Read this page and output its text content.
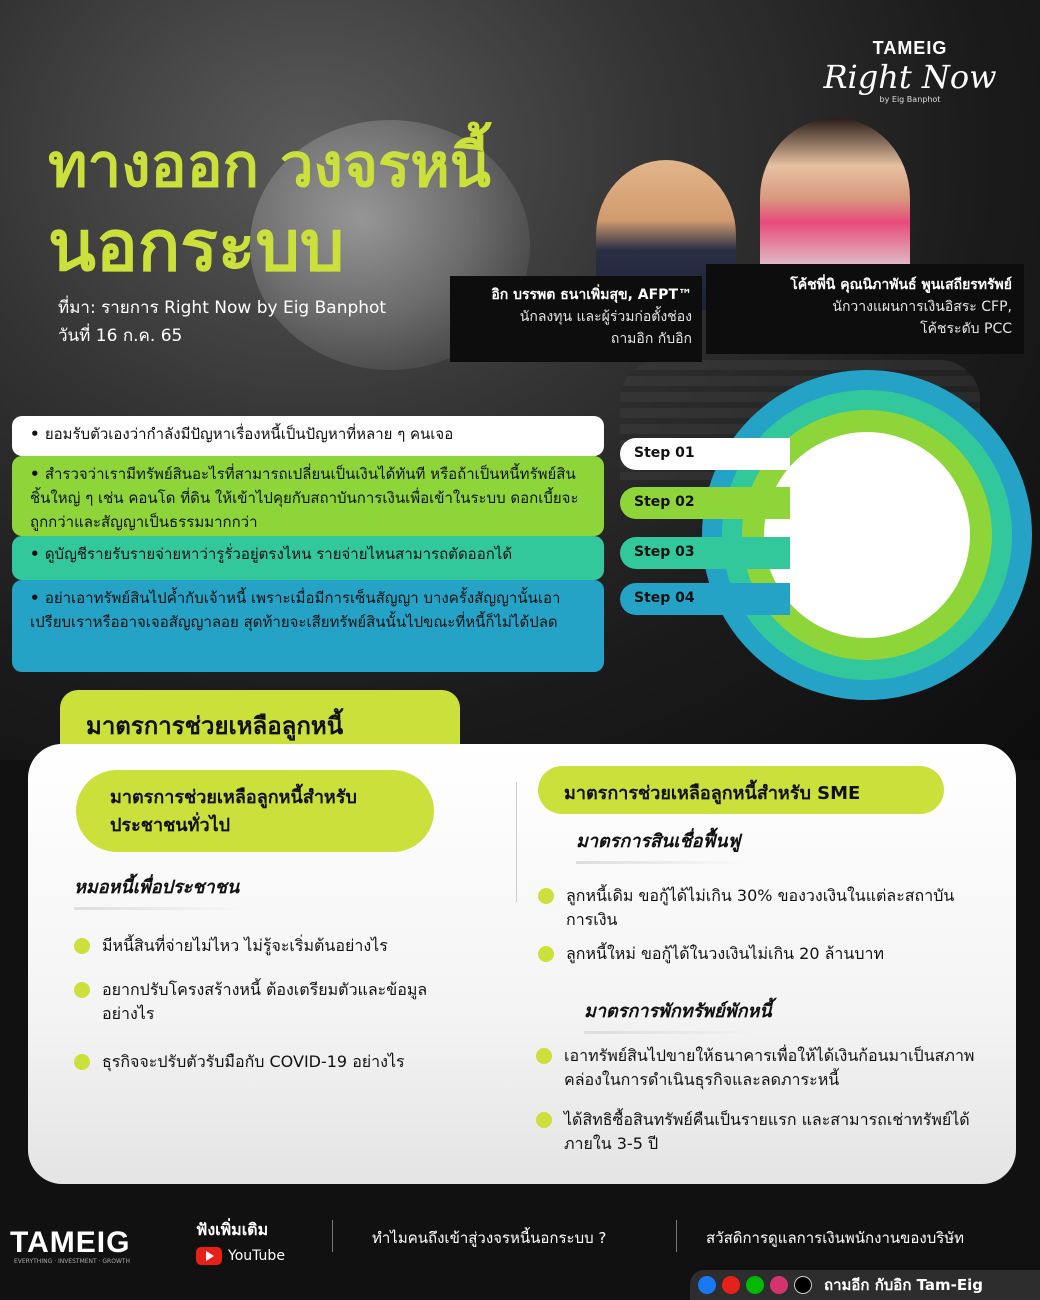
TAMEIG
Right Now
by Eig Banphot
ทางออก วงจรหนี้
นอกระบบ
ที่มา: รายการ Right Now by Eig Banphot
วันที่ 16 ก.ค. 65
อิก บรรพต ธนาเพิ่มสุข, AFPT™
นักลงทุน และผู้ร่วมก่อตั้งช่อง
ถามอิก กับอิก
โค้ชพี่นิ คุณนิภาพันธ์ พูนเสถียรทรัพย์
นักวางแผนการเงินอิสระ CFP,
โค้ชระดับ PCC
• ยอมรับตัวเองว่ากำลังมีปัญหาเรื่องหนี้เป็นปัญหาที่หลาย ๆ คนเจอ
• สำรวจว่าเรามีทรัพย์สินอะไรที่สามารถเปลี่ยนเป็นเงินได้ทันที หรือถ้าเป็นหนี้ทรัพย์สินชิ้นใหญ่ ๆ เช่น คอนโด ที่ดิน ให้เข้าไปคุยกับสถาบันการเงินเพื่อเข้าในระบบ ดอกเบี้ยจะถูกกว่าและสัญญาเป็นธรรมมากกว่า
• ดูบัญชีรายรับรายจ่ายหาว่ารูรั่วอยู่ตรงไหน รายจ่ายไหนสามารถตัดออกได้
• อย่าเอาทรัพย์สินไปค้ำกับเจ้าหนี้ เพราะเมื่อมีการเซ็นสัญญา บางครั้งสัญญานั้นเอาเปรียบเราหรืออาจเจอสัญญาลอย สุดท้ายจะเสียทรัพย์สินนั้นไปขณะที่หนี้ก็ไม่ได้ปลด
Step 01
Step 02
Step 03
Step 04
มาตรการช่วยเหลือลูกหนี้
มาตรการช่วยเหลือลูกหนี้สำหรับ
ประชาชนทั่วไป
หมอหนี้เพื่อประชาชน
มีหนี้สินที่จ่ายไม่ไหว ไม่รู้จะเริ่มต้นอย่างไร
อยากปรับโครงสร้างหนี้ ต้องเตรียมตัวและข้อมูลอย่างไร
ธุรกิจจะปรับตัวรับมือกับ COVID-19 อย่างไร
มาตรการช่วยเหลือลูกหนี้สำหรับ SME
มาตรการสินเชื่อฟื้นฟู
ลูกหนี้เดิม ขอกู้ได้ไม่เกิน 30% ของวงเงินในแต่ละสถาบันการเงิน
ลูกหนี้ใหม่ ขอกู้ได้ในวงเงินไม่เกิน 20 ล้านบาท
มาตรการพักทรัพย์พักหนี้
เอาทรัพย์สินไปขายให้ธนาคารเพื่อให้ได้เงินก้อนมาเป็นสภาพคล่องในการดำเนินธุรกิจและลดภาระหนี้
ได้สิทธิซื้อสินทรัพย์คืนเป็นรายแรก และสามารถเช่าทรัพย์ได้ภายใน 3-5 ปี
TAMEIG
EVERYTHING · INVESTMENT · GROWTH
ฟังเพิ่มเติม
YouTube
ทำไมคนถึงเข้าสู่วงจรหนี้นอกระบบ ?	สวัสดิการดูแลการเงินพนักงานของบริษัท
ถามอีก กับอิก Tam-Eig
